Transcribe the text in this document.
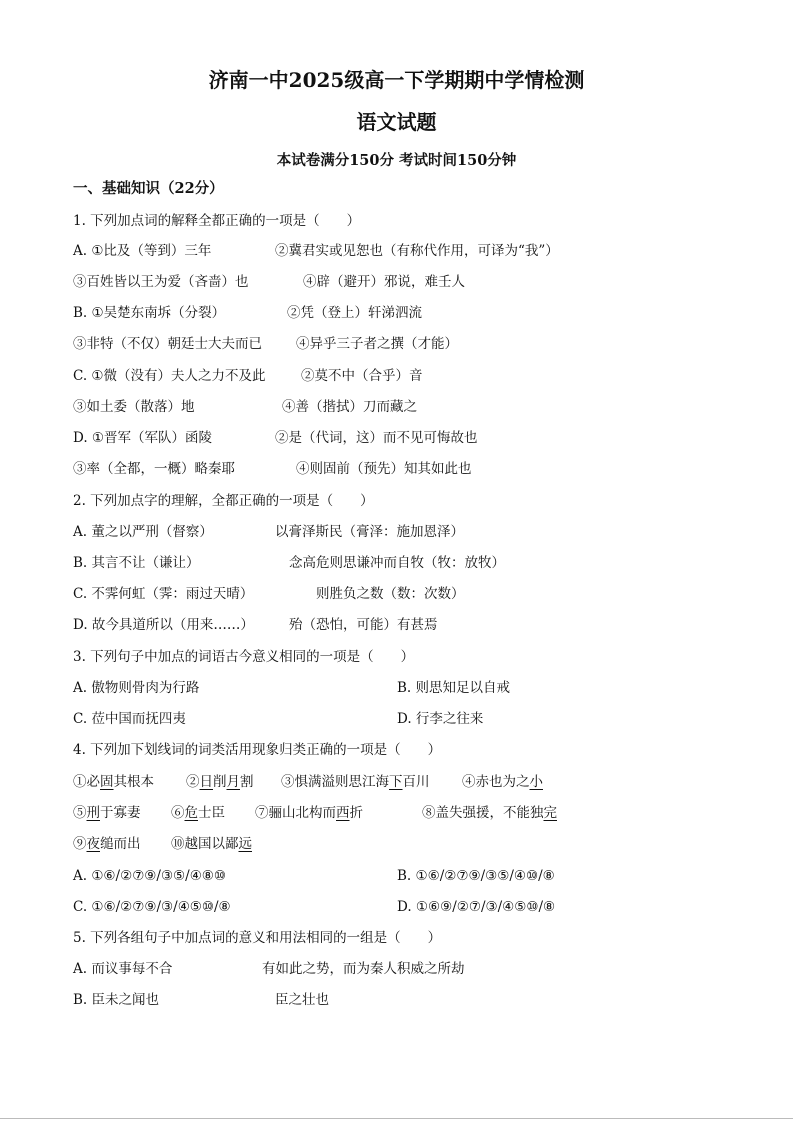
济南一中2025级高一下学期期中学情检测
语文试题
本试卷满分150分 考试时间150分钟
一、基础知识（22分）
1. 下列加点词的解释全都正确的一项是（　　）
A. ①比及（等到）三年	②冀君实或见恕也（有称代作用，可译为“我”）
③百姓皆以王为爱（吝啬）也	④辟（避开）邪说，难壬人
B. ①吴楚东南坼（分裂）	②凭（登上）轩涕泗流
③非特（不仅）朝廷士大夫而已	④异乎三子者之撰（才能）
C. ①微（没有）夫人之力不及此	②莫不中（合乎）音
③如土委（散落）地	④善（揩拭）刀而藏之
D. ①晋军（军队）函陵	②是（代词，这）而不见可悔故也
③率（全都，一概）略秦耶	④则固前（预先）知其如此也
2. 下列加点字的理解，全都正确的一项是（　　）
A. 董之以严刑（督察）	以膏泽斯民（膏泽：施加恩泽）
B. 其言不让（谦让）	念高危则思谦冲而自牧（牧：放牧）
C. 不霁何虹（霁：雨过天晴）	则胜负之数（数：次数）
D. 故今具道所以（用来……）	殆（恐怕，可能）有甚焉
3. 下列句子中加点的词语古今意义相同的一项是（　　）
A. 傲物则骨肉为行路	B. 则思知足以自戒
C. 莅中国而抚四夷	D. 行李之往来
4. 下列加下划线词的词类活用现象归类正确的一项是（　　）
①必固其根本 ②日削月割 ③惧满溢则思江海下百川 ④赤也为之小
⑤刑于寡妻 ⑥危士臣 ⑦骊山北构而西折	⑧盖失强援，不能独完
⑨夜缒而出 ⑩越国以鄙远
A. ①⑥/②⑦⑨/③⑤/④⑧⑩	B. ①⑥/②⑦⑨/③⑤/④⑩/⑧
C. ①⑥/②⑦⑨/③/④⑤⑩/⑧	D. ①⑥⑨/②⑦/③/④⑤⑩/⑧
5. 下列各组句子中加点词的意义和用法相同的一组是（　　）
A. 而议事每不合	有如此之势，而为秦人积威之所劫
B. 臣未之闻也	臣之壮也
